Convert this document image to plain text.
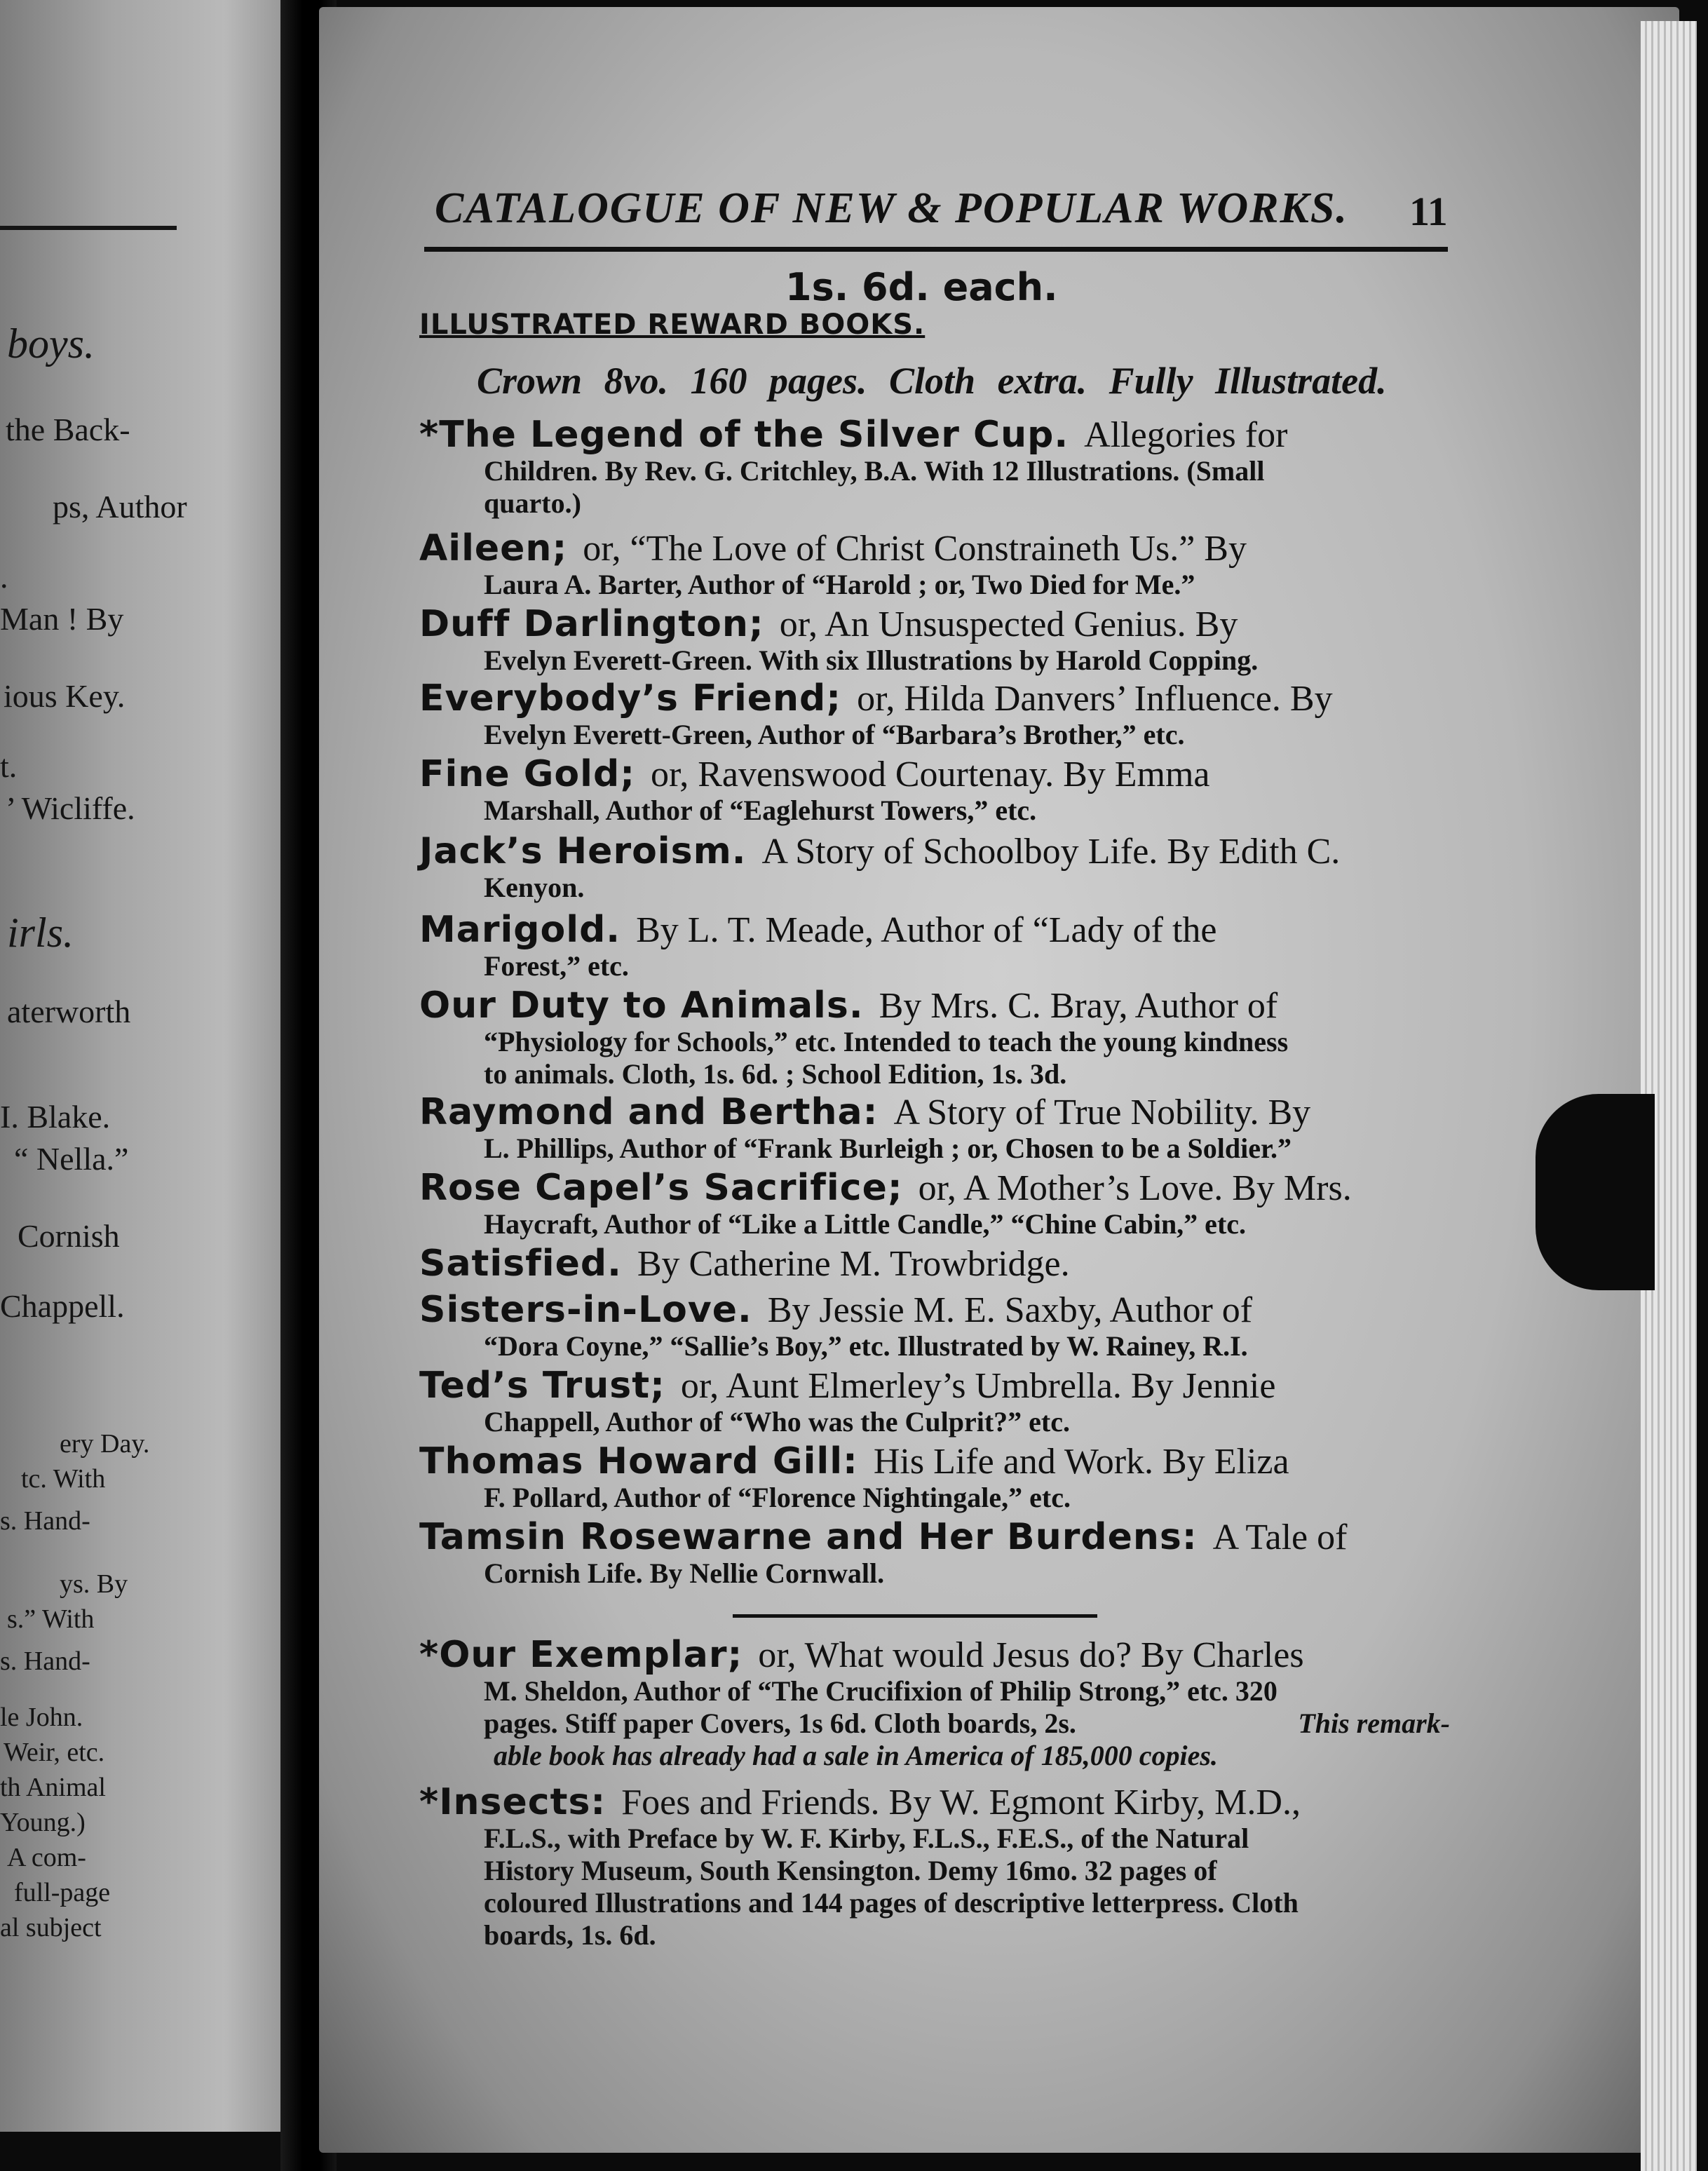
boys.
the Back-
ps, Author
.
Man ! By
ious Key.
t.
’ Wicliffe.
irls.
aterworth
I. Blake.
“ Nella.”
Cornish
Chappell.
ery Day.
tc. With
s. Hand-
ys. By
s.” With
s. Hand-
le John.
Weir, etc.
th Animal
Young.)
A com-
full-page
al subject
CATALOGUE OF NEW & POPULAR WORKS. 11
1s. 6d. each.
ILLUSTRATED REWARD BOOKS.
Crown 8vo. 160 pages. Cloth extra. Fully Illustrated.
*The Legend of the Silver Cup. Allegories for
Children. By Rev. G. Critchley, B.A. With 12 Illustrations. (Small
quarto.)
Aileen; or, “The Love of Christ Constraineth Us.” By
Laura A. Barter, Author of “Harold ; or, Two Died for Me.”
Duff Darlington; or, An Unsuspected Genius. By
Evelyn Everett-Green. With six Illustrations by Harold Copping.
Everybody’s Friend; or, Hilda Danvers’ Influence. By
Evelyn Everett-Green, Author of “Barbara’s Brother,” etc.
Fine Gold; or, Ravenswood Courtenay. By Emma
Marshall, Author of “Eaglehurst Towers,” etc.
Jack’s Heroism. A Story of Schoolboy Life. By Edith C.
Kenyon.
Marigold. By L. T. Meade, Author of “Lady of the
Forest,” etc.
Our Duty to Animals. By Mrs. C. Bray, Author of
“Physiology for Schools,” etc. Intended to teach the young kindness
to animals. Cloth, 1s. 6d. ; School Edition, 1s. 3d.
Raymond and Bertha: A Story of True Nobility. By
L. Phillips, Author of “Frank Burleigh ; or, Chosen to be a Soldier.”
Rose Capel’s Sacrifice; or, A Mother’s Love. By Mrs.
Haycraft, Author of “Like a Little Candle,” “Chine Cabin,” etc.
Satisfied. By Catherine M. Trowbridge.
Sisters-in-Love. By Jessie M. E. Saxby, Author of
“Dora Coyne,” “Sallie’s Boy,” etc. Illustrated by W. Rainey, R.I.
Ted’s Trust; or, Aunt Elmerley’s Umbrella. By Jennie
Chappell, Author of “Who was the Culprit?” etc.
Thomas Howard Gill: His Life and Work. By Eliza
F. Pollard, Author of “Florence Nightingale,” etc.
Tamsin Rosewarne and Her Burdens: A Tale of
Cornish Life. By Nellie Cornwall.
*Our Exemplar; or, What would Jesus do? By Charles
M. Sheldon, Author of “The Crucifixion of Philip Strong,” etc. 320
pages. Stiff paper Covers, 1s 6d. Cloth boards, 2s.	This remark-
able book has already had a sale in America of 185,000 copies.
*Insects: Foes and Friends. By W. Egmont Kirby, M.D.,
F.L.S., with Preface by W. F. Kirby, F.L.S., F.E.S., of the Natural
History Museum, South Kensington. Demy 16mo. 32 pages of
coloured Illustrations and 144 pages of descriptive letterpress. Cloth
boards, 1s. 6d.
